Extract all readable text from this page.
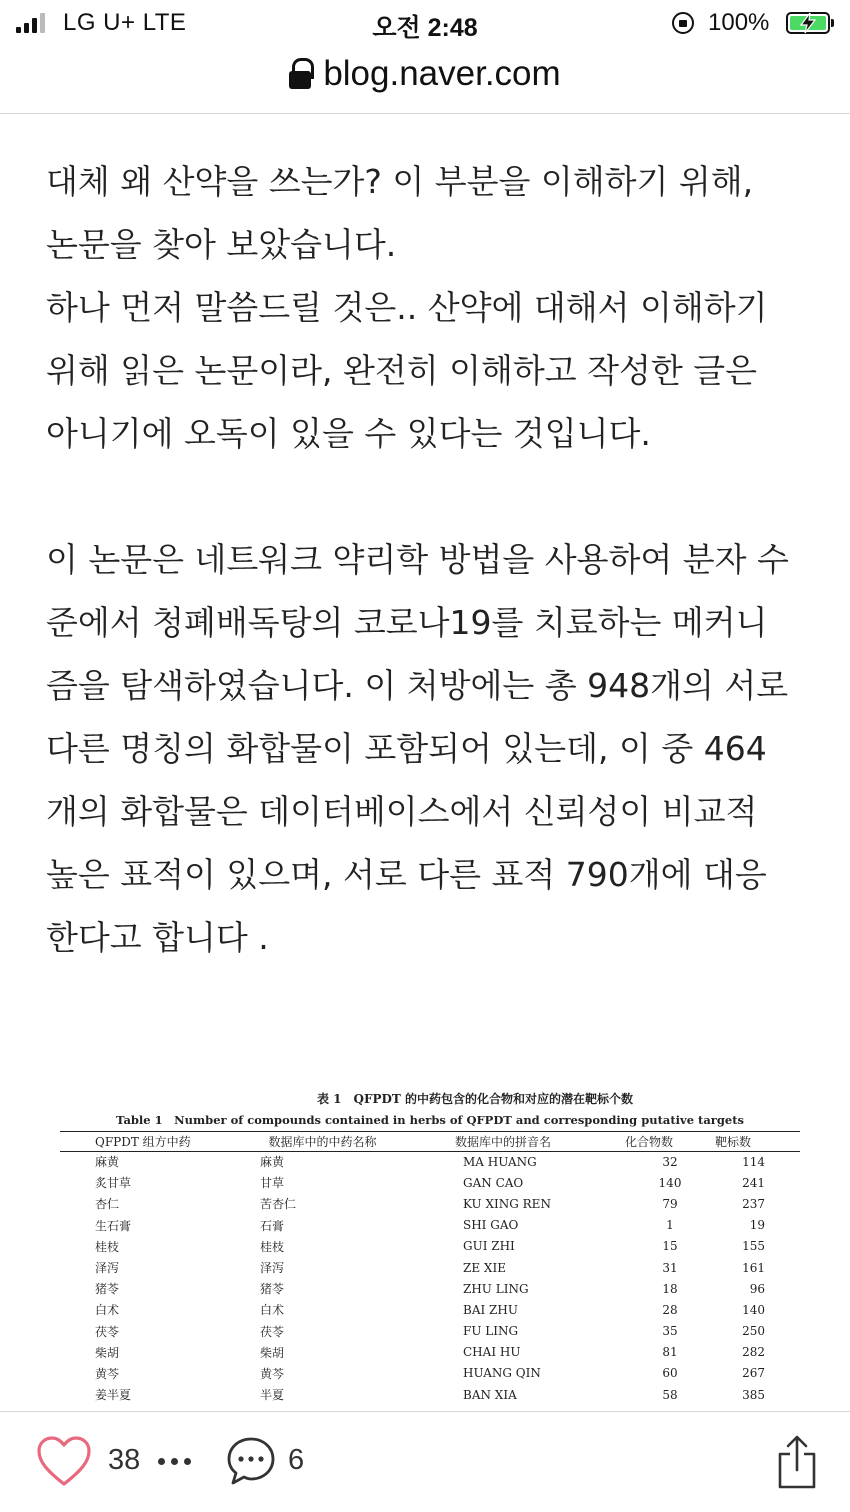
LG U+ LTE	오전 2:48	100%
blog.naver.com
대체 왜 산약을 쓰는가? 이 부분을 이해하기 위해,
논문을 찾아 보았습니다.
하나 먼저 말씀드릴 것은.. 산약에 대해서 이해하기
위해 읽은 논문이라, 완전히 이해하고 작성한 글은
아니기에 오독이 있을 수 있다는 것입니다.
이 논문은 네트워크 약리학 방법을 사용하여 분자 수
준에서 청폐배독탕의 코로나19를 치료하는 메커니
즘을 탐색하였습니다. 이 처방에는 총 948개의 서로
다른 명칭의 화합물이 포함되어 있는데, 이 중 464
개의 화합물은 데이터베이스에서 신뢰성이 비교적
높은 표적이 있으며, 서로 다른 표적 790개에 대응
한다고 합니다 .
表 1　QFPDT 的中药包含的化合物和对应的潜在靶标个数
Table 1　Number of compounds contained in herbs of QFPDT and corresponding putative targets
QFPDT 组方中药	数据库中的中药名称	数据库中的拼音名	化合物数	靶标数
麻黄	麻黄	MA HUANG	32	114
炙甘草	甘草	GAN CAO	140	241
杏仁	苦杏仁	KU XING REN	79	237
生石膏	石膏	SHI GAO	1	19
桂枝	桂枝	GUI ZHI	15	155
泽泻	泽泻	ZE XIE	31	161
猪苓	猪苓	ZHU LING	18	96
白术	白术	BAI ZHU	28	140
茯苓	茯苓	FU LING	35	250
柴胡	柴胡	CHAI HU	81	282
黄芩	黄芩	HUANG QIN	60	267
姜半夏	半夏	BAN XIA	58	385
38	6
